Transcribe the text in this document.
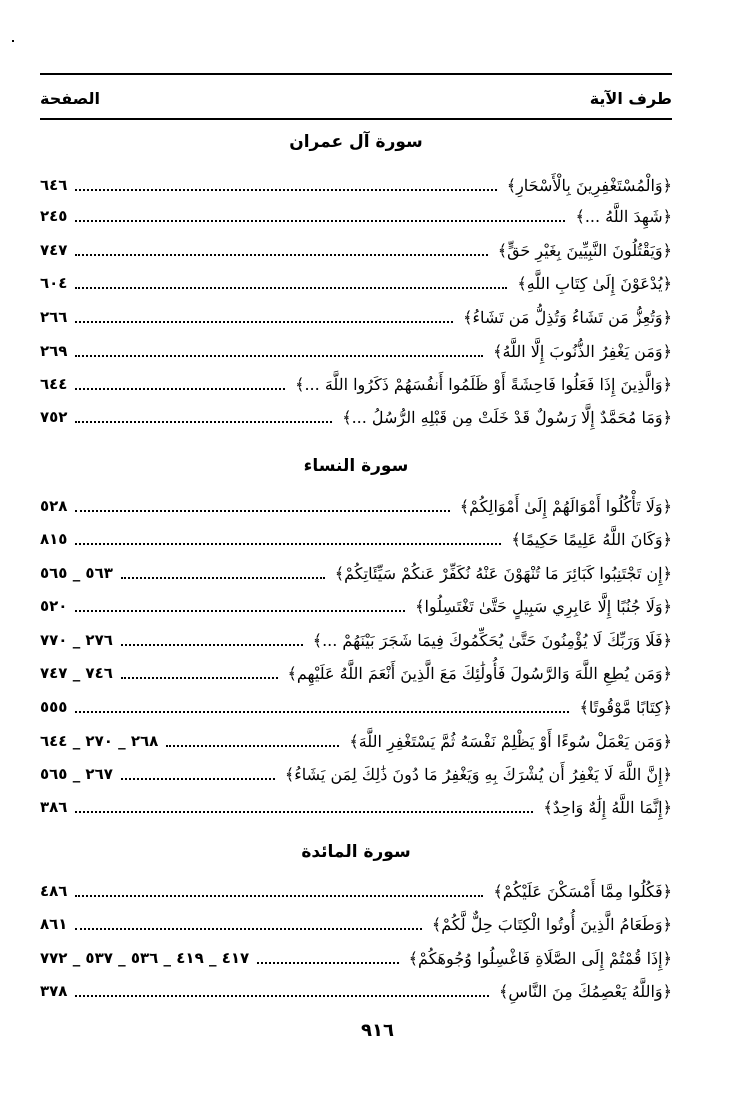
طرف الآية
الصفحة
سورة آل عمران
﴿وَالْمُسْتَغْفِرِينَ بِالْأَسْحَارِ﴾
٦٤٦
﴿شَهِدَ اللَّهُ ...﴾
٢٤٥
﴿وَيَقْتُلُونَ النَّبِيِّينَ بِغَيْرِ حَقٍّ﴾
٧٤٧
﴿يُدْعَوْنَ إِلَىٰ كِتَابِ اللَّهِ﴾
٦٠٤
﴿وَتُعِزُّ مَن تَشَاءُ وَتُذِلُّ مَن تَشَاءُ﴾
٢٦٦
﴿وَمَن يَغْفِرُ الذُّنُوبَ إِلَّا اللَّهُ﴾
٢٦٩
﴿وَالَّذِينَ إِذَا فَعَلُوا فَاحِشَةً أَوْ ظَلَمُوا أَنفُسَهُمْ ذَكَرُوا اللَّهَ ...﴾
٦٤٤
﴿وَمَا مُحَمَّدٌ إِلَّا رَسُولٌ قَدْ خَلَتْ مِن قَبْلِهِ الرُّسُلُ ...﴾
٧٥٢
سورة النساء
﴿وَلَا تَأْكُلُوا أَمْوَالَهُمْ إِلَىٰ أَمْوَالِكُمْ﴾
٥٢٨
﴿وَكَانَ اللَّهُ عَلِيمًا حَكِيمًا﴾
٨١٥
﴿إِن تَجْتَنِبُوا كَبَائِرَ مَا تُنْهَوْنَ عَنْهُ نُكَفِّرْ عَنكُمْ سَيِّئَاتِكُمْ﴾
٥٦٣ _ ٥٦٥
﴿وَلَا جُنُبًا إِلَّا عَابِرِي سَبِيلٍ حَتَّىٰ تَغْتَسِلُوا﴾
٥٢٠
﴿فَلَا وَرَبِّكَ لَا يُؤْمِنُونَ حَتَّىٰ يُحَكِّمُوكَ فِيمَا شَجَرَ بَيْنَهُمْ ...﴾
٢٧٦ _ ٧٧٠
﴿وَمَن يُطِعِ اللَّهَ وَالرَّسُولَ فَأُولَٰئِكَ مَعَ الَّذِينَ أَنْعَمَ اللَّهُ عَلَيْهِم﴾
٧٤٦ _ ٧٤٧
﴿كِتَابًا مَّوْقُوتًا﴾
٥٥٥
﴿وَمَن يَعْمَلْ سُوءًا أَوْ يَظْلِمْ نَفْسَهُ ثُمَّ يَسْتَغْفِرِ اللَّهَ﴾
٢٦٨ _ ٢٧٠ _ ٦٤٤
﴿إِنَّ اللَّهَ لَا يَغْفِرُ أَن يُشْرَكَ بِهِ وَيَغْفِرُ مَا دُونَ ذَٰلِكَ لِمَن يَشَاءُ﴾
٢٦٧ _ ٥٦٥
﴿إِنَّمَا اللَّهُ إِلَٰهٌ وَاحِدٌ﴾
٣٨٦
سورة المائدة
﴿فَكُلُوا مِمَّا أَمْسَكْنَ عَلَيْكُمْ﴾
٤٨٦
﴿وَطَعَامُ الَّذِينَ أُوتُوا الْكِتَابَ حِلٌّ لَّكُمْ﴾
٨٦١
﴿إِذَا قُمْتُمْ إِلَى الصَّلَاةِ فَاغْسِلُوا وُجُوهَكُمْ﴾
٤١٧ _ ٤١٩ _ ٥٣٦ _ ٥٣٧ _ ٧٧٢
﴿وَاللَّهُ يَعْصِمُكَ مِنَ النَّاسِ﴾
٣٧٨
٩١٦
